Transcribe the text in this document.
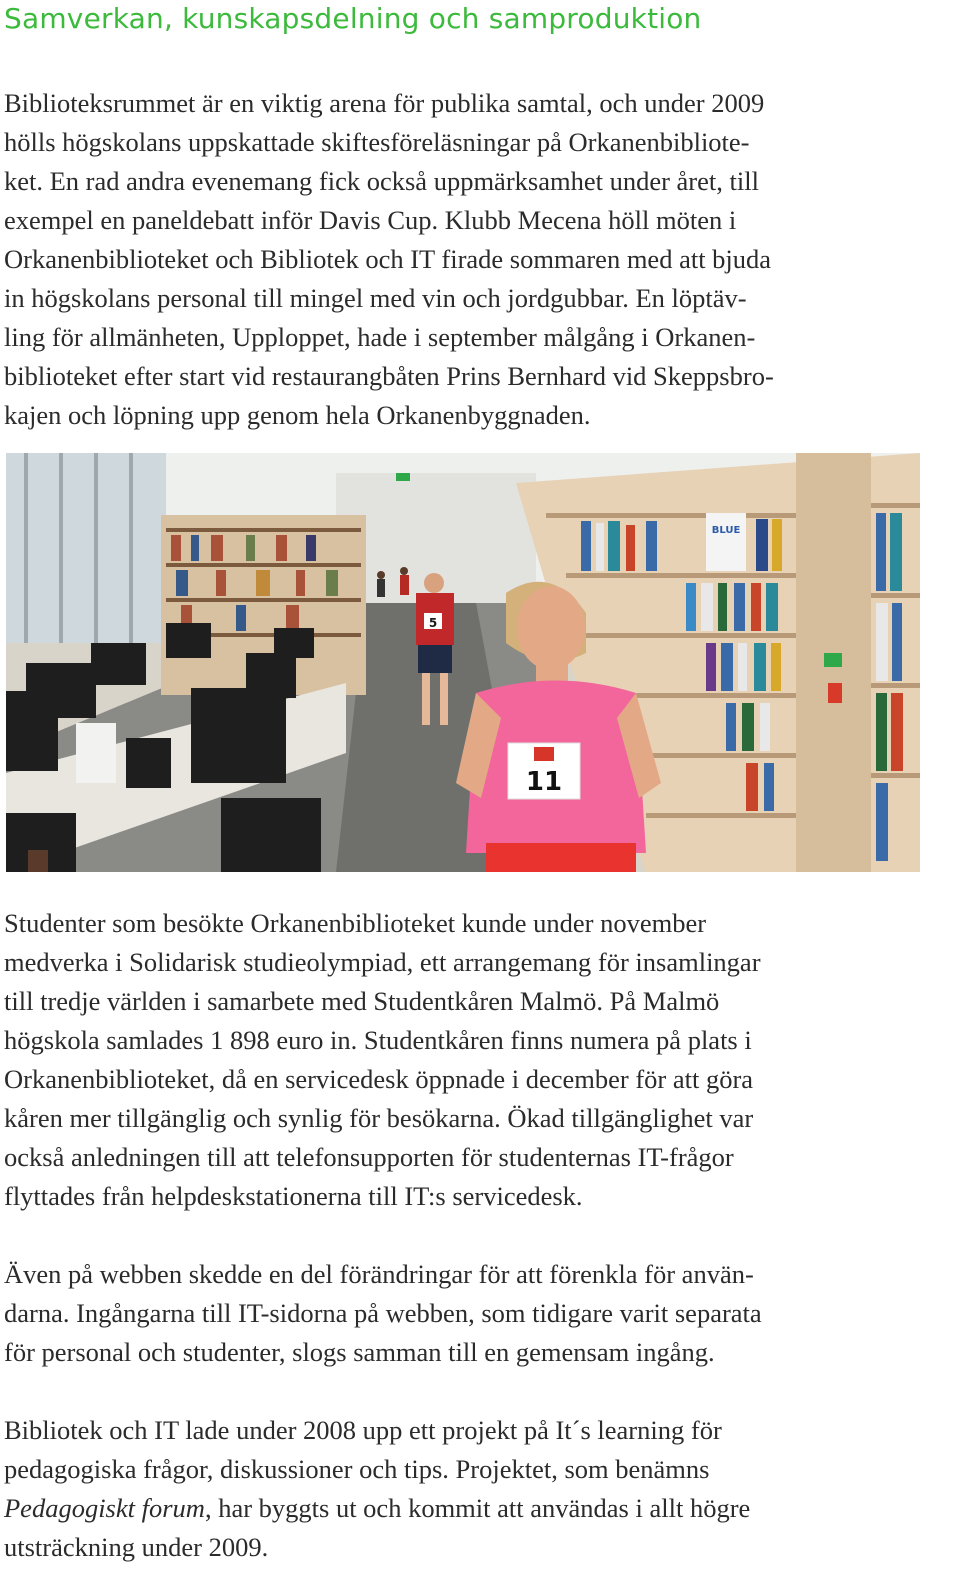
Samverkan, kunskapsdelning och samproduktion

Biblioteksrummet är en viktig arena för publika samtal, och under 2009
hölls högskolans uppskattade skiftesföreläsningar på Orkanenbibliote-
ket. En rad andra evenemang fick också uppmärksamhet under året, till
exempel en paneldebatt inför Davis Cup. Klubb Mecena höll möten i
Orkanenbiblioteket och Bibliotek och IT firade sommaren med att bjuda
in högskolans personal till mingel med vin och jordgubbar. En löptäv-
ling för allmänheten, Upploppet, hade i september målgång i Orkanen-
biblioteket efter start vid restaurangbåten Prins Bernhard vid Skeppsbro-
kajen och löpning upp genom hela Orkanenbyggnaden.

5
BLUE
11

Studenter som besökte Orkanenbiblioteket kunde under november
medverka i Solidarisk studieolympiad, ett arrangemang för insamlingar
till tredje världen i samarbete med Studentkåren Malmö. På Malmö
högskola samlades 1 898 euro in. Studentkåren finns numera på plats i
Orkanenbiblioteket, då en servicedesk öppnade i december för att göra
kåren mer tillgänglig och synlig för besökarna. Ökad tillgänglighet var
också anledningen till att telefonsupporten för studenternas IT-frågor
flyttades från helpdeskstationerna till IT:s servicedesk.

Även på webben skedde en del förändringar för att förenkla för använ-
darna. Ingångarna till IT-sidorna på webben, som tidigare varit separata
för personal och studenter, slogs samman till en gemensam ingång.

Bibliotek och IT lade under 2008 upp ett projekt på It´s learning för
pedagogiska frågor, diskussioner och tips. Projektet, som benämns
Pedagogiskt forum, har byggts ut och kommit att användas i allt högre
utsträckning under 2009.
